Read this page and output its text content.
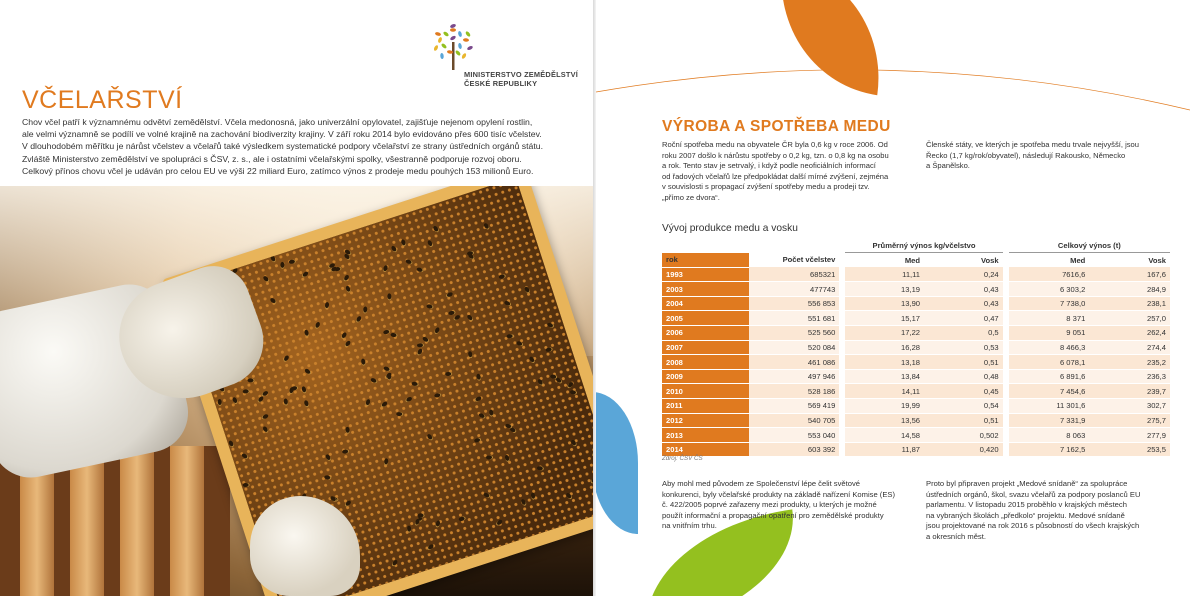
MINISTERSTVO ZEMĚDĚLSTVÍ
ČESKÉ REPUBLIKY
VČELAŘSTVÍ
Chov včel patří k významnému odvětví zemědělství. Včela medonosná, jako univerzální opylovatel, zajišťuje nejenom opylení rostlin,
ale velmi významně se podílí ve volné krajině na zachování biodiverzity krajiny. V září roku 2014 bylo evidováno přes 600 tisíc včelstev.
V dlouhodobém měřítku je nárůst včelstev a včelařů také výsledkem systematické podpory včelařství ze strany ústředních orgánů státu.
Zvláště Ministerstvo zemědělství ve spolupráci s ČSV, z. s., ale i ostatními včelařskými spolky, všestranně podporuje rozvoj oboru.
Celkový přínos chovu včel je udáván pro celou EU ve výši 22 miliard Euro, zatímco výnos z prodeje medu pouhých 153 milionů Euro.
VÝROBA A SPOTŘEBA MEDU
Roční spotřeba medu na obyvatele ČR byla 0,6 kg v roce 2006. Od
roku 2007 došlo k nárůstu spotřeby o 0,2 kg, tzn. o 0,8 kg na osobu
a rok. Tento stav je setrvalý, i když podle neoficiálních informací
od řadových včelařů lze předpokládat další mírné zvýšení, zejména
v souvislosti s propagací zvýšení spotřeby medu a prodeji tzv.
„přímo ze dvora“.
Členské státy, ve kterých je spotřeba medu trvale nejvyšší, jsou
Řecko (1,7 kg/rok/obyvatel), následují Rakousko, Německo
a Španělsko.
Vývoj produkce medu a vosku
			Průměrný výnos kg/včelstvo			Celkový výnos (t)	
rok	Počet včelstev		Med	Vosk		Med	Vosk
1993	685321		11,11	0,24		7616,6	167,6
2003	477743		13,19	0,43		6 303,2	284,9
2004	556 853		13,90	0,43		7 738,0	238,1
2005	551 681		15,17	0,47		8 371	257,0
2006	525 560		17,22	0,5		9 051	262,4
2007	520 084		16,28	0,53		8 466,3	274,4
2008	461 086		13,18	0,51		6 078,1	235,2
2009	497 946		13,84	0,48		6 891,6	236,3
2010	528 186		14,11	0,45		7 454,6	239,7
2011	569 419		19,99	0,54		11 301,6	302,7
2012	540 705		13,56	0,51		7 331,9	275,7
2013	553 040		14,58	0,502		8 063	277,9
2014	603 392		11,87	0,420		7 162,5	253,5
Zdroj: ČSV ČS
Aby mohl med původem ze Společenství lépe čelit světové
konkurenci, byly včelařské produkty na základě nařízení Komise (ES)
č. 422/2005 poprvé zařazeny mezi produkty, u kterých je možné
použít informační a propagační opatření pro zemědělské produkty
na vnitřním trhu.
Proto byl připraven projekt „Medové snídaně“ za spolupráce
ústředních orgánů, škol, svazu včelařů za podpory poslanců EU
parlamentu. V listopadu 2015 proběhlo v krajských městech
na vybraných školách „předkolo“ projektu. Medové snídaně
jsou projektované na rok 2016 s působností do všech krajských
a okresních měst.
